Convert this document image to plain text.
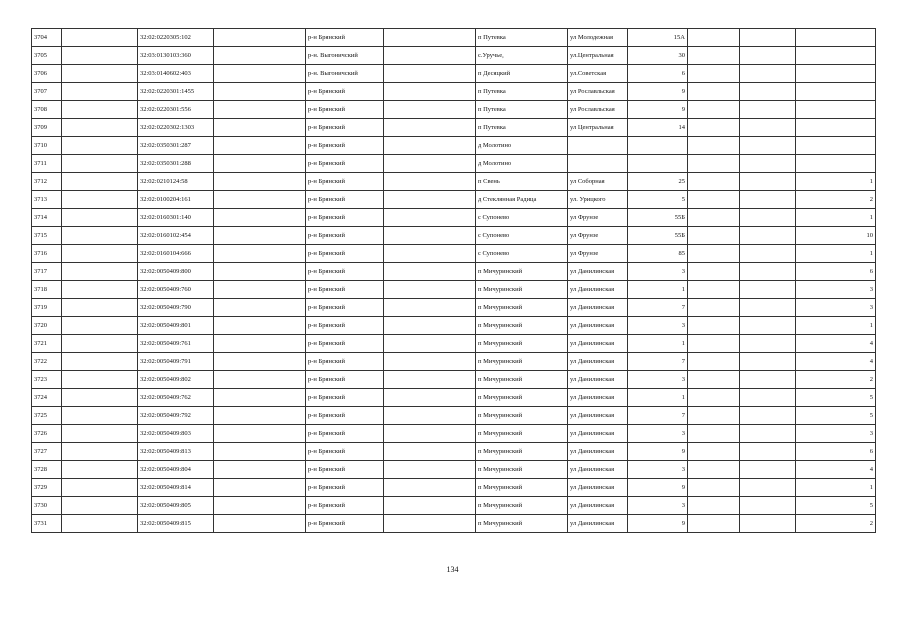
3704		32:02:0220305:102		р-н Брянский		п Путевка	ул Молодежная	15А			
3705		32:03:0130103:360		р-н. Выгоничский		с.Уручье,	ул.Центральная	30			
3706		32:03:0140602:403		р-н. Выгоничский		п Десяцкий	ул.Советская	6			
3707		32:02:0220301:1455		р-н Брянский		п Путевка	ул Рославльская	9			
3708		32:02:0220301:556		р-н Брянский		п Путевка	ул Рославльская	9			
3709		32:02:0220302:1303		р-н Брянский		п Путевка	ул Центральная	14			
3710		32:02:0350301:287		р-н Брянский		д Молотино					
3711		32:02:0350301:288		р-н Брянский		д Молотино					
3712		32:02:0210124:58		р-н Брянский		п Свень	ул Соборная	25			1
3713		32:02:0100204:161		р-н Брянский		д Стеклянная Радица	ул. Урицкого	5			2
3714		32:02:0160301:140		р-н Брянский		с Супонево	ул Фрунзе	55Б			1
3715		32:02:0160102:454		р-н Брянский		с Супонево	ул Фрунзе	55Б			10
3716		32:02:0160104:666		р-н Брянский		с Супонево	ул Фрунзе	85			1
3717		32:02:0050409:800		р-н Брянский		п Мичуринский	ул Данилинская	3			6
3718		32:02:0050409:760		р-н Брянский		п Мичуринский	ул Данилинская	1			3
3719		32:02:0050409:790		р-н Брянский		п Мичуринский	ул Данилинская	7			3
3720		32:02:0050409:801		р-н Брянский		п Мичуринский	ул Данилинская	3			1
3721		32:02:0050409:761		р-н Брянский		п Мичуринский	ул Данилинская	1			4
3722		32:02:0050409:791		р-н Брянский		п Мичуринский	ул Данилинская	7			4
3723		32:02:0050409:802		р-н Брянский		п Мичуринский	ул Данилинская	3			2
3724		32:02:0050409:762		р-н Брянский		п Мичуринский	ул Данилинская	1			5
3725		32:02:0050409:792		р-н Брянский		п Мичуринский	ул Данилинская	7			5
3726		32:02:0050409:803		р-н Брянский		п Мичуринский	ул Данилинская	3			3
3727		32:02:0050409:813		р-н Брянский		п Мичуринский	ул Данилинская	9			6
3728		32:02:0050409:804		р-н Брянский		п Мичуринский	ул Данилинская	3			4
3729		32:02:0050409:814		р-н Брянский		п Мичуринский	ул Данилинская	9			1
3730		32:02:0050409:805		р-н Брянский		п Мичуринский	ул Данилинская	3			5
3731		32:02:0050409:815		р-н Брянский		п Мичуринский	ул Данилинская	9			2
134
